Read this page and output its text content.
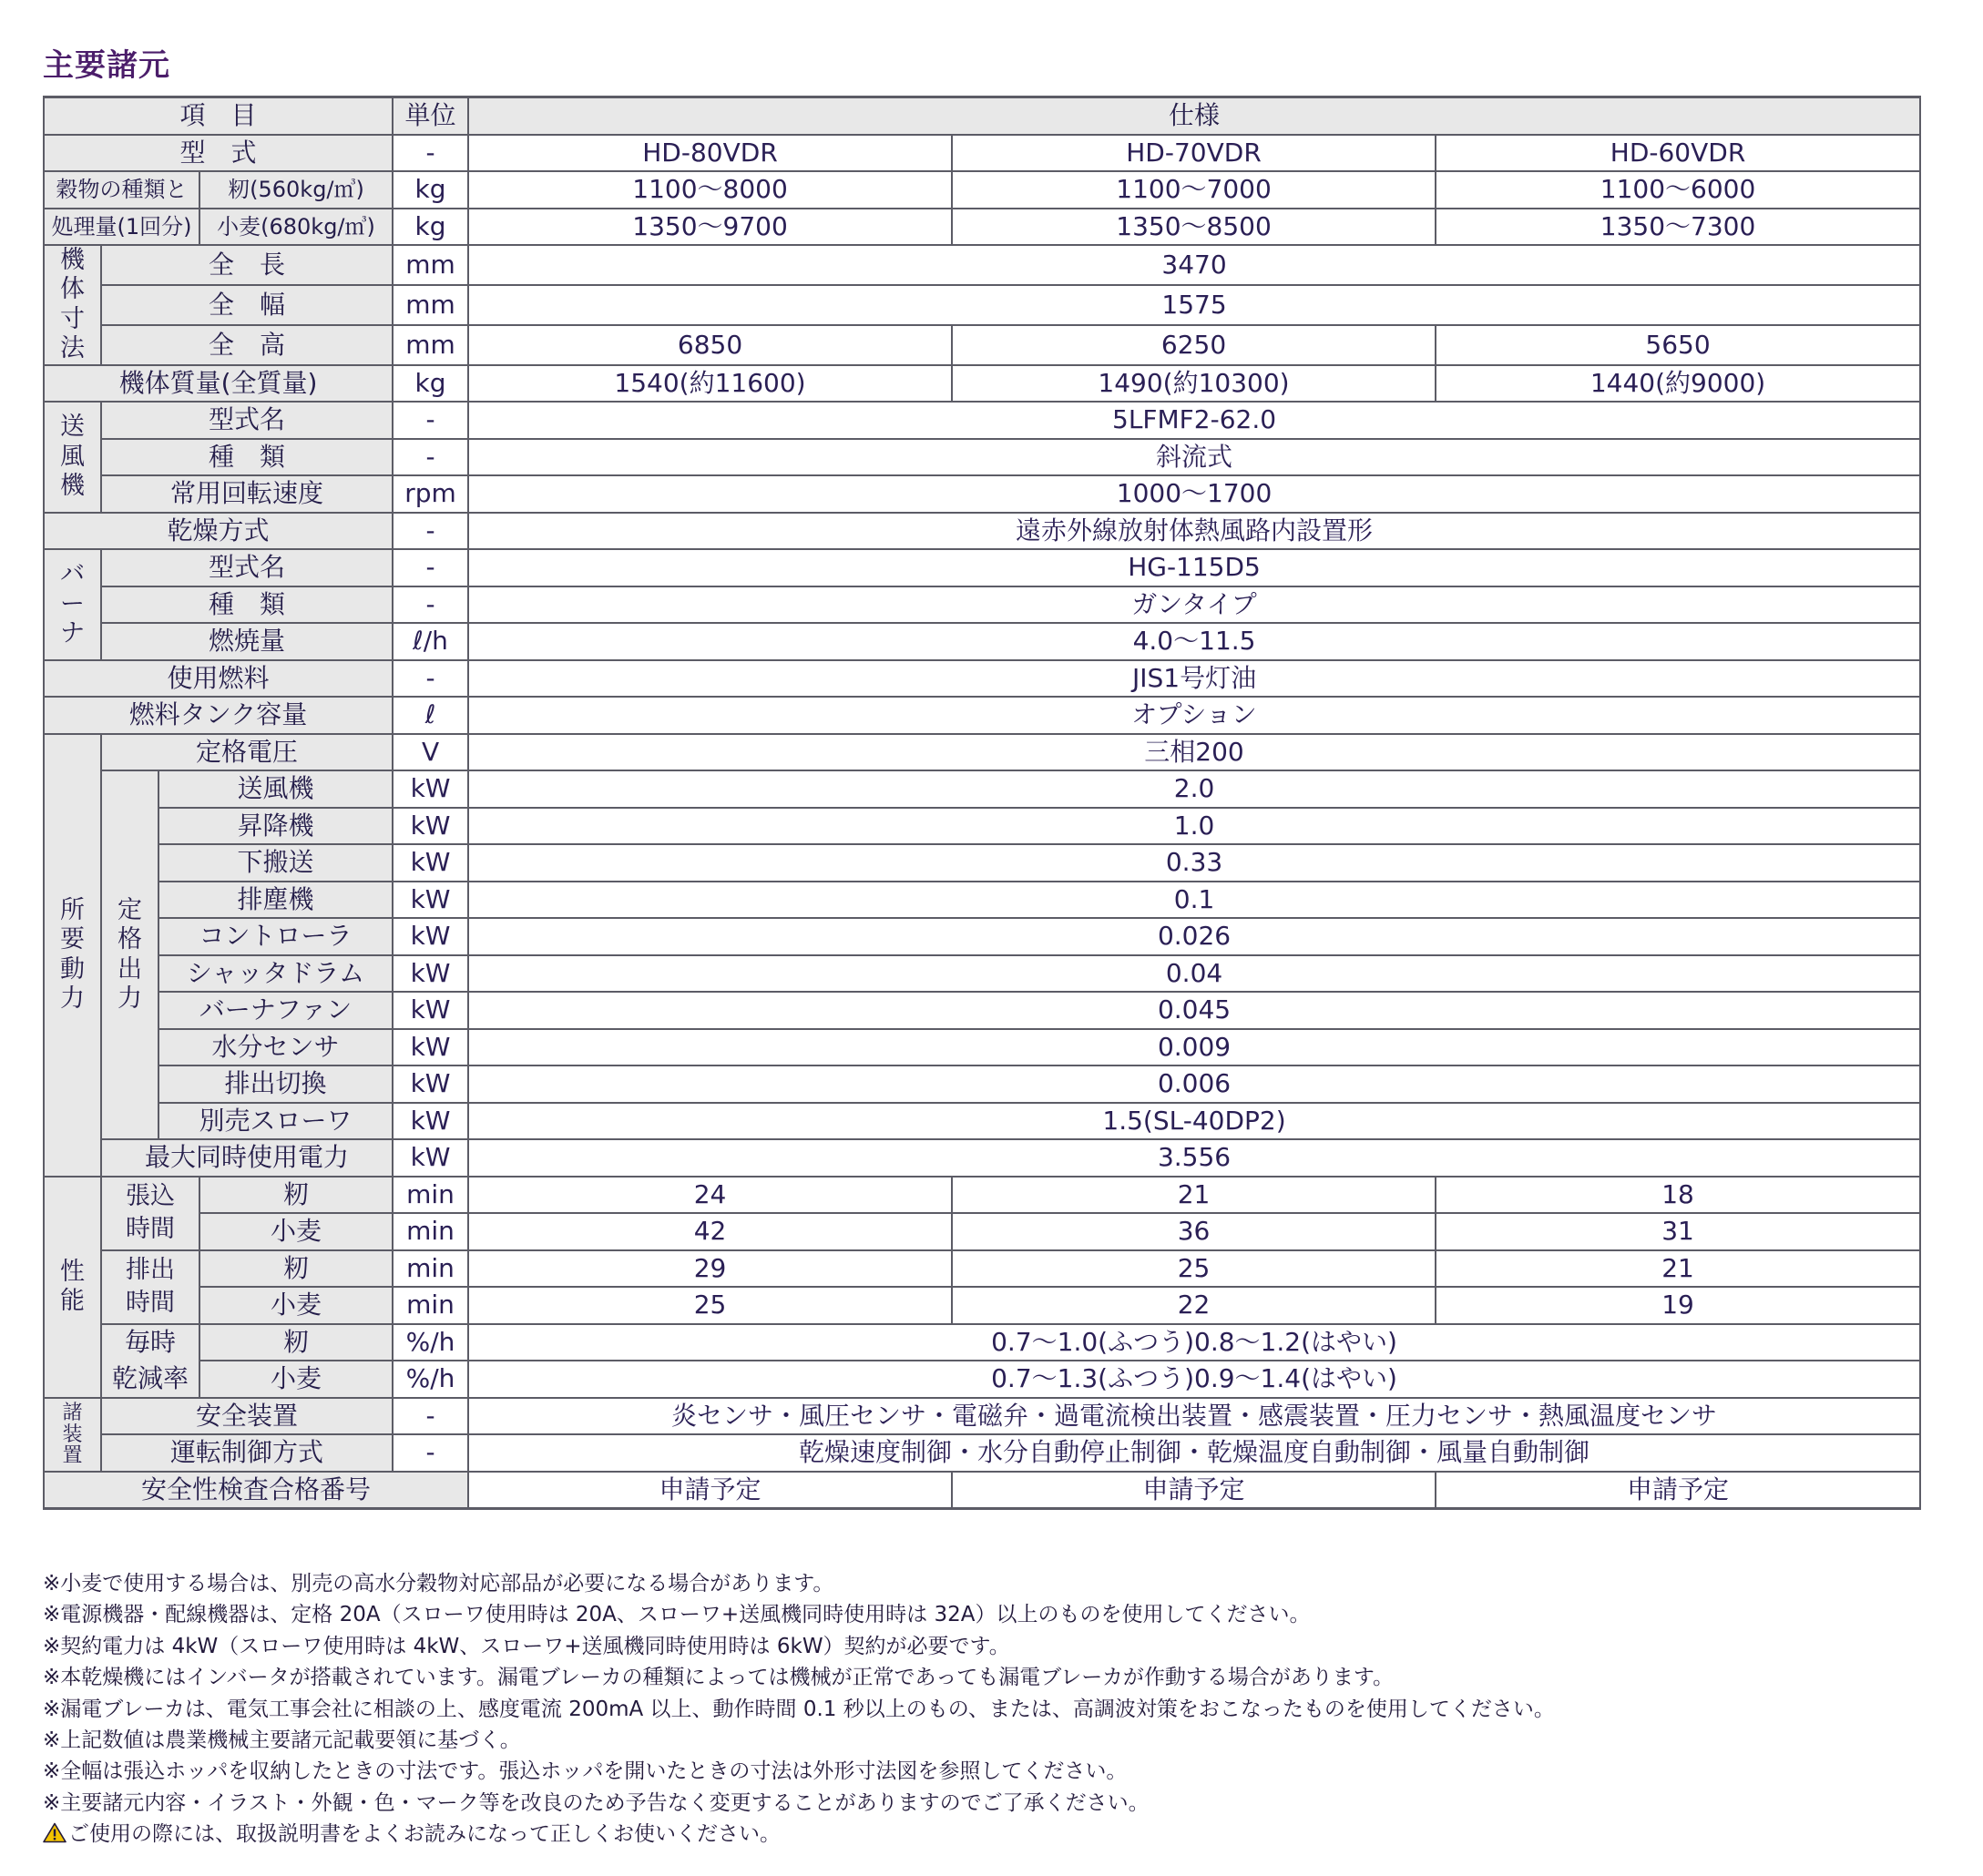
主要諸元
項　目				単位	仕様		
型　式				-	HD-80VDR	HD-70VDR	HD-60VDR
穀物の種類と			籾(560kg/㎥)	kg	1100～8000	1100～7000	1100～6000
処理量(1回分)			小麦(680kg/㎥)	kg	1350～9700	1350～8500	1350～7300
機体寸法	全　長			mm	3470		
	全　幅			mm	1575		
	全　高			mm	6850	6250	5650
機体質量(全質量)				kg	1540(約11600)	1490(約10300)	1440(約9000)
送風機	型式名			-	5LFMF2-62.0		
	種　類			-	斜流式		
	常用回転速度			rpm	1000～1700		
乾燥方式				-	遠赤外線放射体熱風路内設置形		
バーナ	型式名			-	HG-115D5		
	種　類			-	ガンタイプ		
	燃焼量			ℓ/h	4.0～11.5		
使用燃料				-	JIS1号灯油		
燃料タンク容量				ℓ	オプション		
所要動力	定格電圧			V	三相200		
	定格出力	送風機		kW	2.0		
		昇降機		kW	1.0		
		下搬送		kW	0.33		
		排塵機		kW	0.1		
		コントローラ		kW	0.026		
		シャッタドラム		kW	0.04		
		バーナファン		kW	0.045		
		水分センサ		kW	0.009		
		排出切換		kW	0.006		
		別売スローワ		kW	1.5(SL-40DP2)		
	最大同時使用電力			kW	3.556		
性能	張込時間		籾	min	24	21	18
			小麦	min	42	36	31
	排出時間		籾	min	29	25	21
			小麦	min	25	22	19
	毎時		籾	%/h	0.7～1.0(ふつう)0.8～1.2(はやい)		
	乾減率		小麦	%/h	0.7～1.3(ふつう)0.9～1.4(はやい)		
諸装置	安全装置			-	炎センサ・風圧センサ・電磁弁・過電流検出装置・感震装置・圧力センサ・熱風温度センサ		
	運転制御方式			-	乾燥速度制御・水分自動停止制御・乾燥温度自動制御・風量自動制御		
安全性検査合格番号					申請予定	申請予定	申請予定
※小麦で使用する場合は、別売の高水分穀物対応部品が必要になる場合があります。
※電源機器・配線機器は、定格 20A（スローワ使用時は 20A、スローワ+送風機同時使用時は 32A）以上のものを使用してください。
※契約電力は 4kW（スローワ使用時は 4kW、スローワ+送風機同時使用時は 6kW）契約が必要です。
※本乾燥機にはインバータが搭載されています。漏電ブレーカの種類によっては機械が正常であっても漏電ブレーカが作動する場合があります。
※漏電ブレーカは、電気工事会社に相談の上、感度電流 200mA 以上、動作時間 0.1 秒以上のもの、または、高調波対策をおこなったものを使用してください。
※上記数値は農業機械主要諸元記載要領に基づく。
※全幅は張込ホッパを収納したときの寸法です。張込ホッパを開いたときの寸法は外形寸法図を参照してください。
※主要諸元内容・イラスト・外観・色・マーク等を改良のため予告なく変更することがありますのでご了承ください。
ご使用の際には、取扱説明書をよくお読みになって正しくお使いください。
